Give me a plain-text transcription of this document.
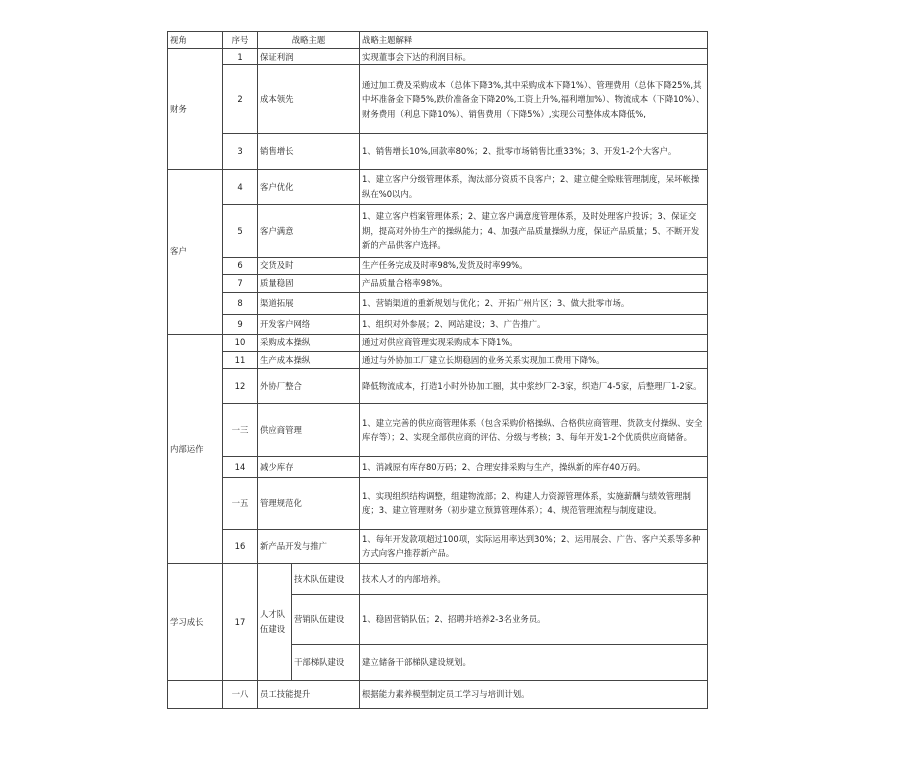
视角	序号	战略主题		战略主题解释
财务	1	保证利润		实现董事会下达的利润目标。
	2	成本领先		通过加工费及采购成本（总体下降3%,其中采购成本下降1%）、管理费用（总体下降25%,其中坏准备金下降5%,跌价准备金下降20%,工资上升%,福利增加%）、物流成本（下降10%）、财务费用（利息下降10%）、销售费用（下降5%）,实现公司整体成本降低%,
	3	销售增长		1、销售增长10%,回款率80%；2、批零市场销售比重33%；3、开发1-2个大客户。
客户	4	客户优化		1、建立客户分级管理体系，淘汰部分资质不良客户；2、建立健全赊账管理制度，呆坏帐操纵在%0以内。
	5	客户满意		1、建立客户档案管理体系；2、建立客户满意度管理体系，及时处理客户投诉；3、保证交期，提高对外协生产的操纵能力；4、加强产品质量操纵力度，保证产品质量；5、不断开发新的产品供客户选择。
	6	交货及时		生产任务完成及时率98%,发货及时率99%。
	7	质量稳固		产品质量合格率98%。
	8	渠道拓展		1、营销渠道的重新规划与优化；2、开拓广州片区；3、做大批零市场。
	9	开发客户网络		1、组织对外参展；2、网站建设；3、广告推广。
内部运作	10	采购成本操纵		通过对供应商管理实现采购成本下降1%。
	11	生产成本操纵		通过与外协加工厂建立长期稳固的业务关系实现加工费用下降%。
	12	外协厂整合		降低物流成本，打造1小时外协加工圈，其中浆纱厂2-3家，织造厂4-5家，后整理厂1-2家。
	一三	供应商管理		1、建立完善的供应商管理体系（包含采购价格操纵、合格供应商管理、货款支付操纵、安全库存等）；2、实现全部供应商的评估、分级与考核；3、每年开发1-2个优质供应商储备。
	14	减少库存		1、消减原有库存80万码；2、合理安排采购与生产，操纵新的库存40万码。
	一五	管理规范化		1、实现组织结构调整，组建物流部；2、构建人力资源管理体系，实施薪酬与绩效管理制度；3、建立管理财务（初步建立预算管理体系）；4、规范管理流程与制度建设。
	16	新产品开发与推广		1、每年开发款项超过100项，实际运用率达到30%；2、运用展会、广告、客户关系等多种方式向客户推荐新产品。
学习成长	17	人才队伍建设	技术队伍建设	技术人才的内部培养。
			营销队伍建设	1、稳固营销队伍；2、招聘并培养2-3名业务员。
			干部梯队建设	建立储备干部梯队建设规划。
	一八	员工技能提升		根据能力素养模型制定员工学习与培训计划。
